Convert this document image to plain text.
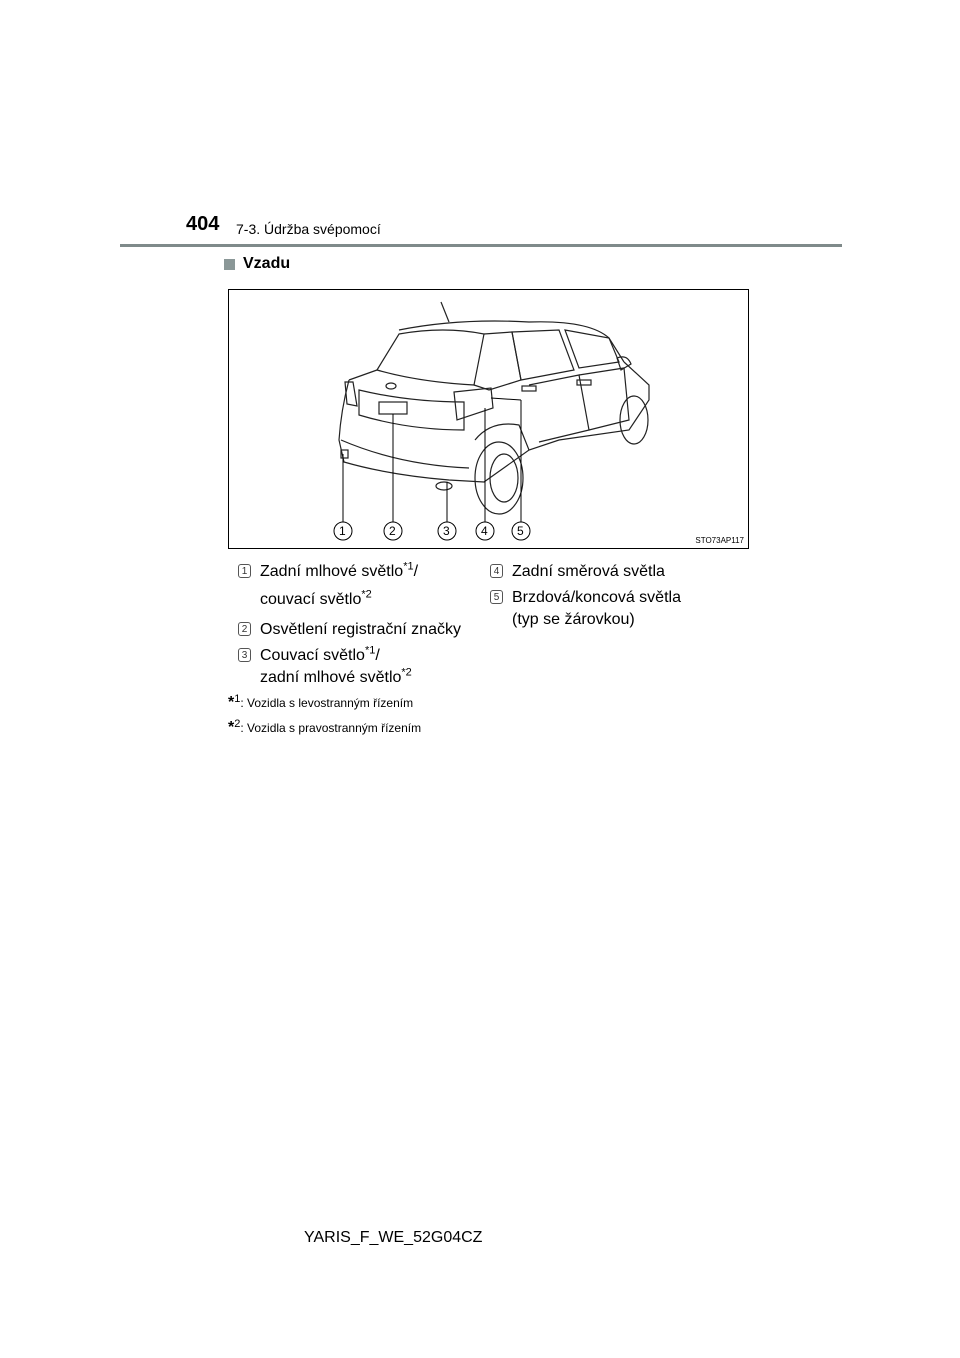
404 7-3. Údržba svépomocí
Vzadu
1	2	3	4 5
STO73AP117
1 Zadní mlhové světlo$^{*1}$/
couvací světlo$^{*2}$
2 Osvětlení registrační značky
3 Couvací světlo$^{*1}$/
zadní mlhové světlo$^{*2}$
4 Zadní směrová světla
5 Brzdová/koncová světla
(typ se žárovkou)
*$^1$: Vozidla s levostranným řízením
*$^2$: Vozidla s pravostranným řízením
YARIS_F_WE_52G04CZ
